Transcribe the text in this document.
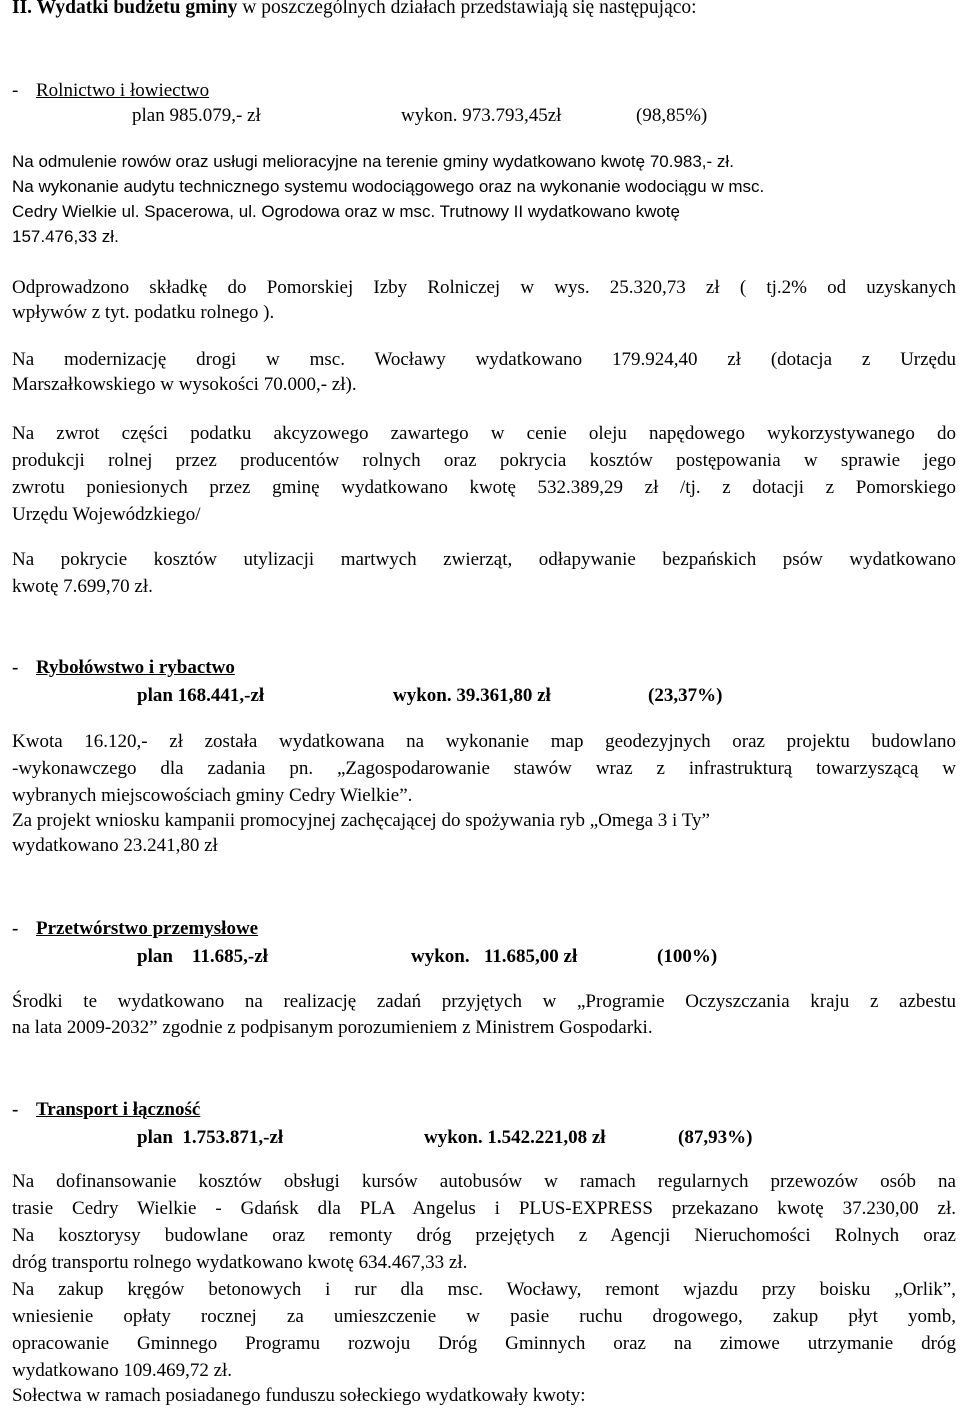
II. Wydatki budżetu gminy w poszczególnych działach przedstawiają się następująco:
- Rolnictwo i łowiectwo
plan 985.079,- zł	wykon. 973.793,45zł	(98,85%)
Na odmulenie rowów oraz usługi melioracyjne na terenie gminy wydatkowano kwotę 70.983,- zł.
Na wykonanie audytu technicznego systemu wodociągowego oraz na wykonanie wodociągu w msc.
Cedry Wielkie ul. Spacerowa, ul. Ogrodowa oraz w msc. Trutnowy II wydatkowano kwotę
157.476,33 zł.
Odprowadzono składkę do Pomorskiej Izby Rolniczej w wys. 25.320,73 zł ( tj.2% od uzyskanych
wpływów z tyt. podatku rolnego ).
Na modernizację drogi w msc. Wocławy wydatkowano 179.924,40 zł (dotacja z Urzędu
Marszałkowskiego w wysokości 70.000,- zł).
Na zwrot części podatku akcyzowego zawartego w cenie oleju napędowego wykorzystywanego do
produkcji rolnej przez producentów rolnych oraz pokrycia kosztów postępowania w sprawie jego
zwrotu poniesionych przez gminę wydatkowano kwotę 532.389,29 zł /tj. z dotacji z Pomorskiego
Urzędu Wojewódzkiego/
Na pokrycie kosztów utylizacji martwych zwierząt, odłapywanie bezpańskich psów wydatkowano
kwotę 7.699,70 zł.
- Rybołówstwo i rybactwo
plan 168.441,-zł	wykon. 39.361,80 zł	(23,37%)
Kwota 16.120,- zł została wydatkowana na wykonanie map geodezyjnych oraz projektu budowlano
-wykonawczego dla zadania pn. „Zagospodarowanie stawów wraz z infrastrukturą towarzyszącą w
wybranych miejscowościach gminy Cedry Wielkie”.
Za projekt wniosku kampanii promocyjnej zachęcającej do spożywania ryb „Omega 3 i Ty”
wydatkowano 23.241,80 zł
- Przetwórstwo przemysłowe
plan    11.685,-zł	wykon.   11.685,00 zł	(100%)
Środki te wydatkowano na realizację zadań przyjętych w „Programie Oczyszczania kraju z azbestu
na lata 2009-2032” zgodnie z podpisanym porozumieniem z Ministrem Gospodarki.
- Transport i łączność
plan  1.753.871,-zł	wykon. 1.542.221,08 zł	(87,93%)
Na dofinansowanie kosztów obsługi kursów autobusów w ramach regularnych przewozów osób na
trasie Cedry Wielkie - Gdańsk dla PLA Angelus i PLUS-EXPRESS przekazano kwotę 37.230,00 zł.
Na kosztorysy budowlane oraz remonty dróg przejętych z Agencji Nieruchomości Rolnych oraz
dróg transportu rolnego wydatkowano kwotę 634.467,33 zł.
Na zakup kręgów betonowych i rur dla msc. Wocławy, remont wjazdu przy boisku „Orlik”,
wniesienie opłaty rocznej za umieszczenie w pasie ruchu drogowego, zakup płyt yomb,
opracowanie Gminnego Programu rozwoju Dróg Gminnych oraz na zimowe utrzymanie dróg
wydatkowano 109.469,72 zł.
Sołectwa w ramach posiadanego funduszu sołeckiego wydatkowały kwoty:
